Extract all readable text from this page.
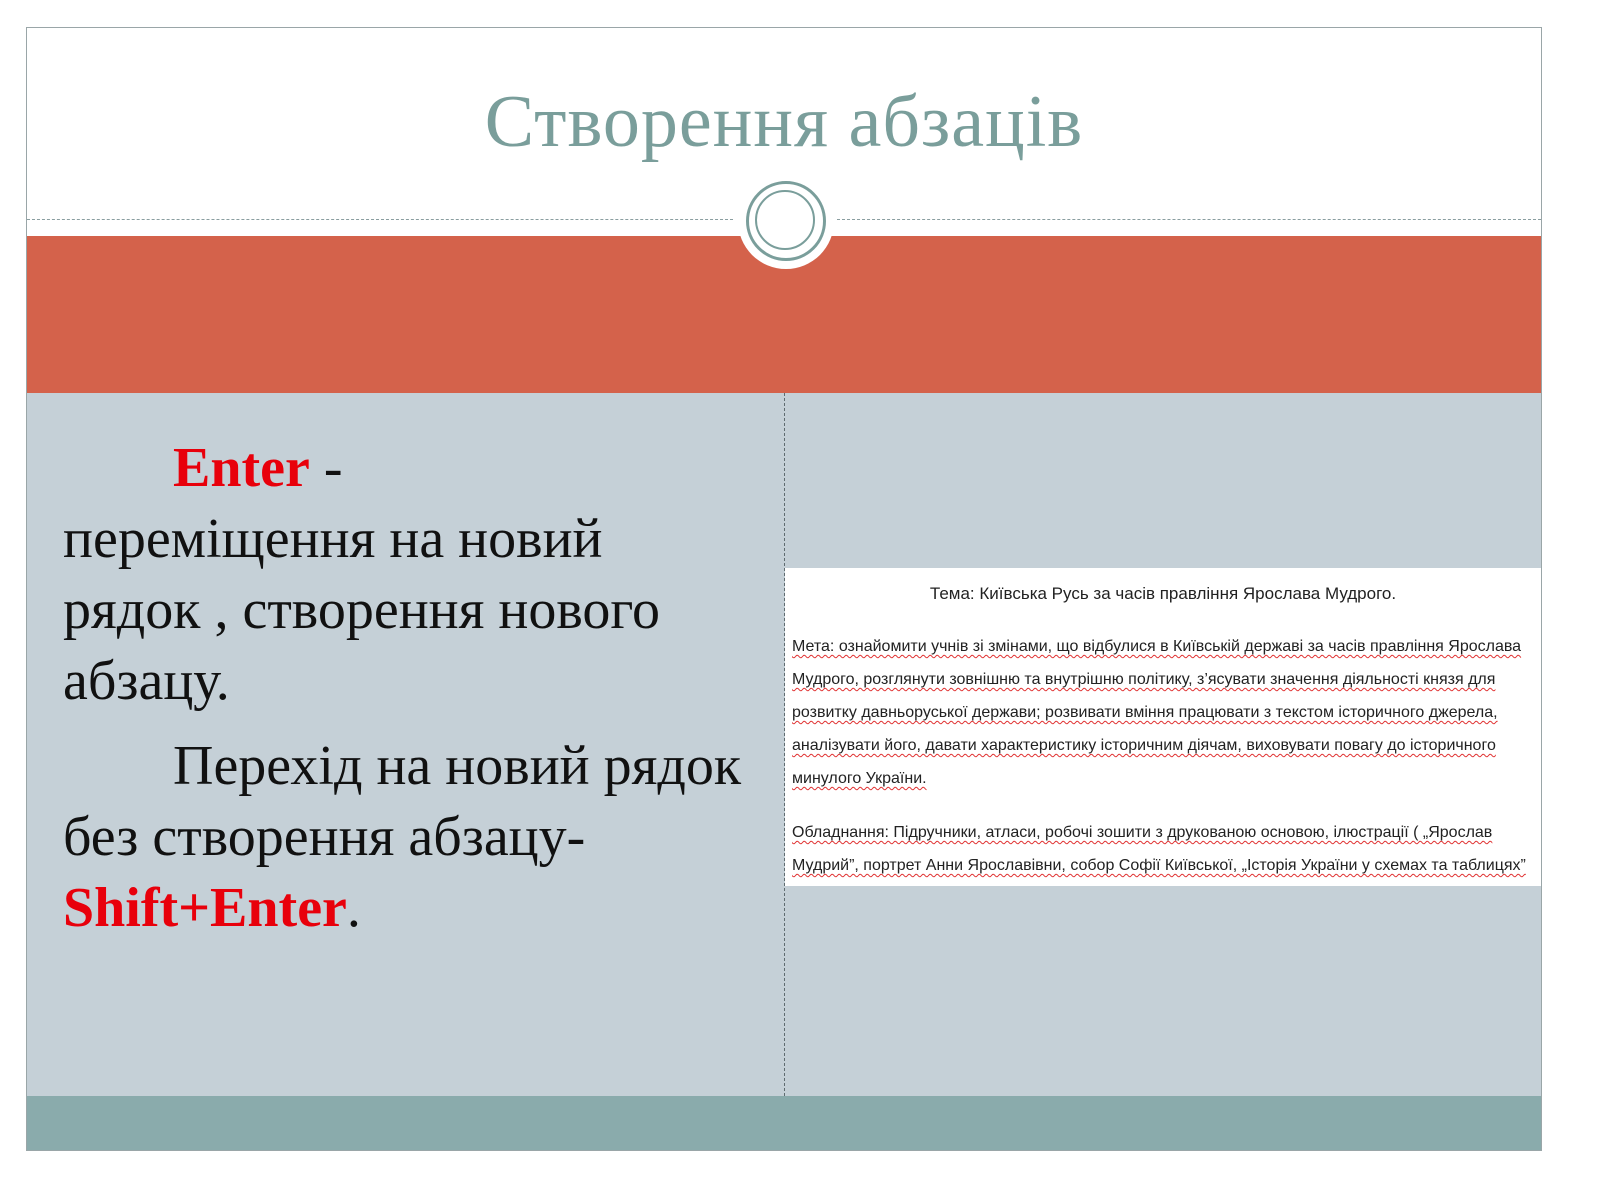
Створення абзаців

Enter -
переміщення на новий рядок , створення нового абзацу.

Перехід на новий рядок без створення абзацу- Shift+Enter.

Тема: Київська Русь за часів правління Ярослава Мудрого.
Мета: ознайомити учнів зі змінами, що відбулися в Київській державі за часів правління Ярослава Мудрого, розглянути зовнішню та внутрішню політику, з’ясувати значення діяльності князя для розвитку давньоруської держави; розвивати вміння працювати з текстом історичного джерела, аналізувати його, давати характеристику історичним діячам, виховувати повагу до історичного минулого України.
Обладнання: Підручники, атласи, робочі зошити з друкованою основою, ілюстрації ( „Ярослав Мудрий”, портрет Анни Ярославівни, собор Софії Київської, „Історія України у схемах та таблицях”
